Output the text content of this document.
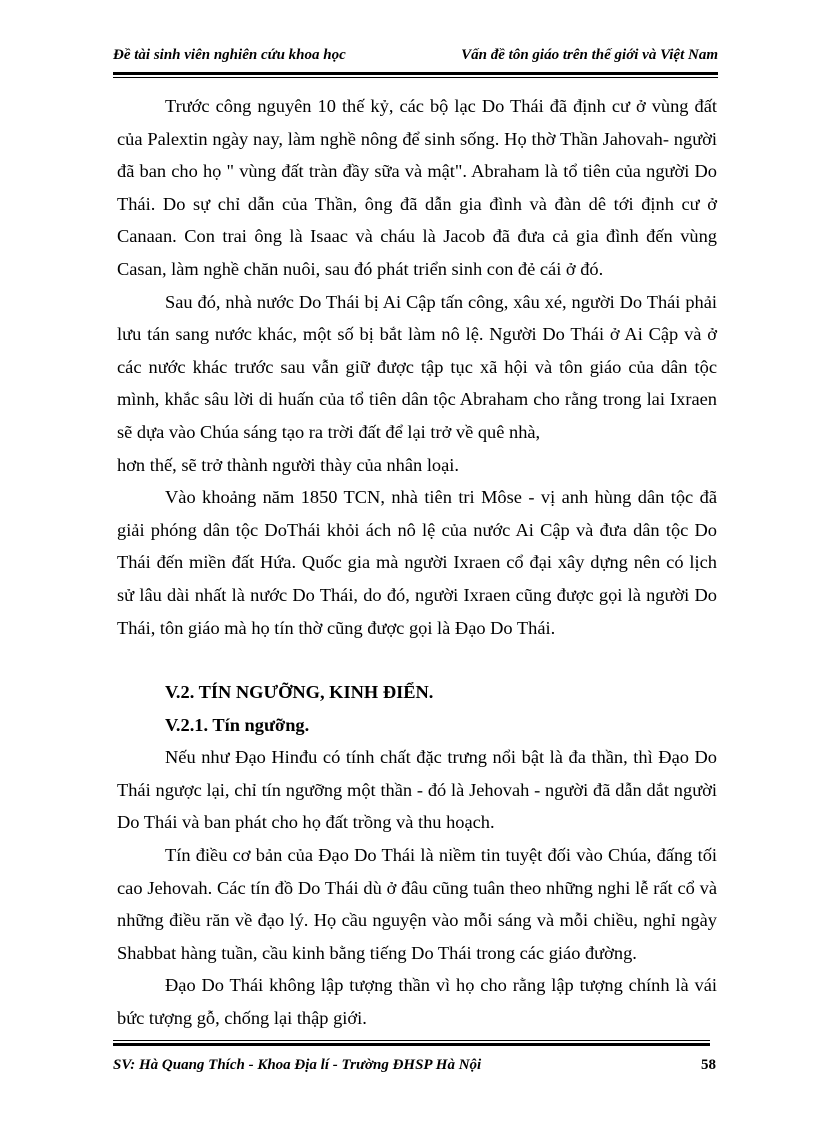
Đề tài sinh viên nghiên cứu khoa học	Vấn đề tôn giáo trên thế giới và Việt Nam

Trước công nguyên 10 thế kỷ, các bộ lạc Do Thái đã định cư ở vùng đất của Palextin ngày nay, làm nghề nông để sinh sống. Họ thờ Thần Jahovah- người đã ban cho họ " vùng đất tràn đầy sữa và mật". Abraham là tổ tiên của người Do Thái. Do sự chỉ dẫn của Thần, ông đã dẫn gia đình và đàn dê tới định cư ở Canaan. Con trai ông là Isaac và cháu là Jacob đã đưa cả gia đình đến vùng Casan, làm nghề chăn nuôi, sau đó phát triển sinh con đẻ cái ở đó.

Sau đó, nhà nước Do Thái bị Ai Cập tấn công, xâu xé, người Do Thái phải lưu tán sang nước khác, một số bị bắt làm nô lệ. Người Do Thái ở Ai Cập và ở các nước khác trước sau vẫn giữ được tập tục xã hội và tôn giáo của dân tộc mình, khắc sâu lời di huấn của tổ tiên dân tộc Abraham cho rằng trong lai Ixraen sẽ dựa vào Chúa sáng tạo ra trời đất để lại trở về quê nhà,

hơn thế, sẽ trở thành người thày của nhân loại.

Vào khoảng năm 1850 TCN, nhà tiên tri Môse - vị anh hùng dân tộc đã giải phóng dân tộc DoThái khỏi ách nô lệ của nước Ai Cập và đưa dân tộc Do Thái đến miền đất Hứa. Quốc gia mà người Ixraen cổ đại xây dựng nên có lịch sử lâu dài nhất là nước Do Thái, do đó, người Ixraen cũng được gọi là người Do Thái, tôn giáo mà họ tín thờ cũng được gọi là Đạo Do Thái.

V.2. TÍN NGƯỠNG, KINH ĐIỂN.

V.2.1. Tín ngưỡng.

Nếu như Đạo Hinđu có tính chất đặc trưng nổi bật là đa thần, thì Đạo Do Thái ngược lại, chỉ tín ngưỡng một thần - đó là Jehovah - người đã dẫn dắt người Do Thái và ban phát cho họ đất trồng và thu hoạch.

Tín điều cơ bản của Đạo Do Thái là niềm tin tuyệt đối vào Chúa, đấng tối cao Jehovah. Các tín đồ Do Thái dù ở đâu cũng tuân theo những nghi lễ rất cổ và những điều răn về đạo lý. Họ cầu nguyện vào mỗi sáng và mỗi chiều, nghỉ ngày Shabbat hàng tuần, cầu kinh bằng tiếng Do Thái trong các giáo đường.

Đạo Do Thái không lập tượng thần vì họ cho rằng lập tượng chính là vái bức tượng gỗ, chống lại thập giới.

SV: Hà Quang Thích - Khoa Địa lí - Trường ĐHSP Hà Nội	58
